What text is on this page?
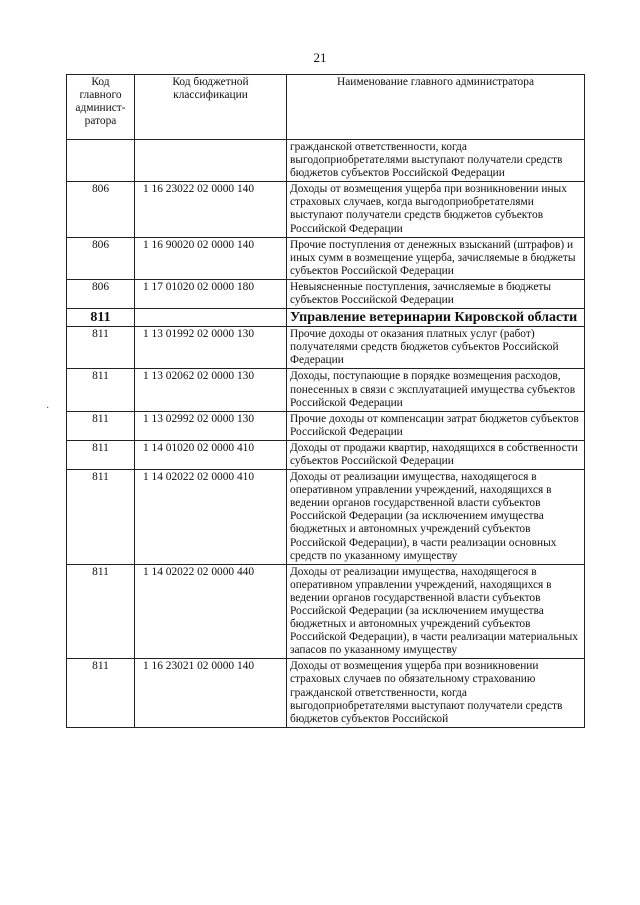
21
·
Код главного админист-ратора	Код бюджетной классификации	Наименование главного администратора
		гражданской ответственности, когда выгодоприобретателями выступают получатели средств бюджетов субъектов Российской Федерации
806	1 16 23022 02 0000 140	Доходы от возмещения ущерба при возникновении иных страховых случаев, когда выгодоприобретателями выступают получатели средств бюджетов субъектов Российской Федерации
806	1 16 90020 02 0000 140	Прочие поступления от денежных взысканий (штрафов) и иных сумм в возмещение ущерба, зачисляемые в бюджеты субъектов Российской Федерации
806	1 17 01020 02 0000 180	Невыясненные поступления, зачисляемые в бюджеты субъектов Российской Федерации
811		Управление ветеринарии Кировской области
811	1 13 01992 02 0000 130	Прочие доходы от оказания платных услуг (работ) получателями средств бюджетов субъектов Российской Федерации
811	1 13 02062 02 0000 130	Доходы, поступающие в порядке возмещения расходов, понесенных в связи с эксплуатацией имущества субъектов Российской Федерации
811	1 13 02992 02 0000 130	Прочие доходы от компенсации затрат бюджетов субъектов Российской Федерации
811	1 14 01020 02 0000 410	Доходы от продажи квартир, находящихся в собственности субъектов Российской Федерации
811	1 14 02022 02 0000 410	Доходы от реализации имущества, находящегося в оперативном управлении учреждений, находящихся в ведении органов государственной власти субъектов Российской Федерации (за исключением имущества бюджетных и автономных учреждений субъектов Российской Федерации), в части реализации основных средств по указанному имуществу
811	1 14 02022 02 0000 440	Доходы от реализации имущества, находящегося в оперативном управлении учреждений, находящихся в ведении органов государственной власти субъектов Российской Федерации (за исключением имущества бюджетных и автономных учреждений субъектов Российской Федерации), в части реализации материальных запасов по указанному имуществу
811	1 16 23021 02 0000 140	Доходы от возмещения ущерба при возникновении страховых случаев по обязательному страхованию гражданской ответственности, когда выгодоприобретателями выступают получатели средств бюджетов субъектов Российской
